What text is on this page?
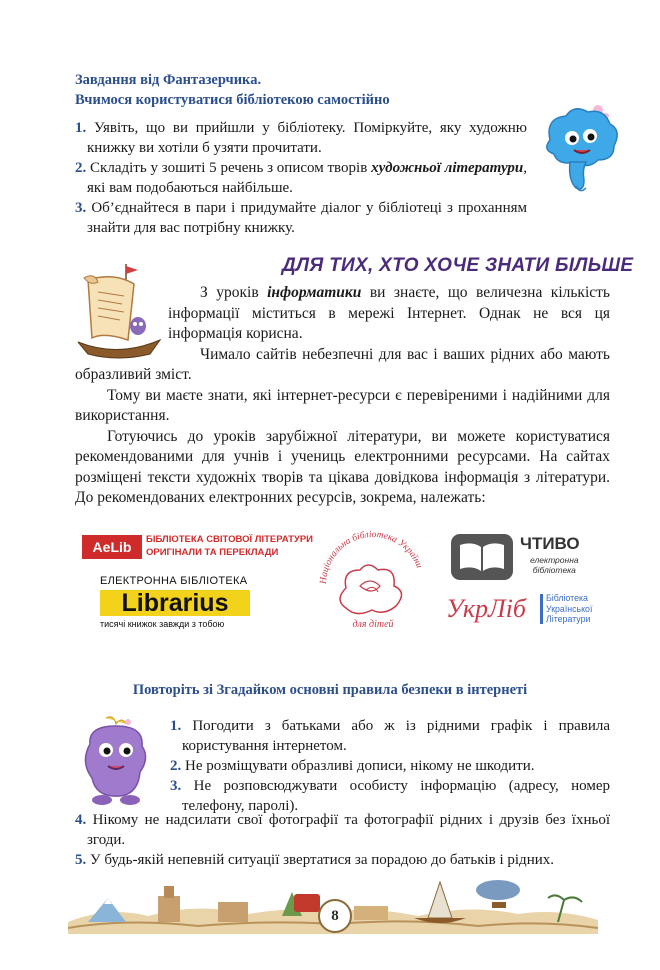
Завдання від Фантазерчика.
Вчимося користуватися бібліотекою самостійно

1. Уявіть, що ви прийшли у бібліотеку. Поміркуйте, яку художню книжку ви хотіли б узяти прочитати.

2. Складіть у зошиті 5 речень з описом творів художньої літератури, які вам подобаються найбільше.

3. Об’єднайтеся в пари і придумайте діалог у бібліотеці з проханням знайти для вас потрібну книжку.

ДЛЯ ТИХ, ХТО ХОЧЕ ЗНАТИ БІЛЬШЕ
З уроків інформатики ви знаєте, що величезна кількість інформації міститься в мережі Інтернет. Однак не вся ця інформація корисна.
Чимало сайтів небезпечні для вас і ваших рідних або мають образливий зміст.
Тому ви маєте знати, які інтернет-ресурси є перевіреними і надійними для використання.
Готуючись до уроків зарубіжної літератури, ви можете користуватися рекомендованими для учнів і учениць електронними ресурсами. На сайтах розміщені тексти художніх творів та цікава довідкова інформація з літератури. До рекомендованих електронних ресурсів, зокрема, належать:
AeLib	БІБЛІОТЕКА СВІТОВОЇ ЛІТЕРАТУРИ
ОРИГІНАЛИ ТА ПЕРЕКЛАДИ
ЕЛЕКТРОННА БІБЛІОТЕКА
Librarius
тисячі книжок завжди з тобою
Національна бібліотека України
для дітей
ЧТИВО
електронна
бібліотека
УкрЛіб Бібліотека
Української
Літератури
Повторіть зі Згадайком основні правила безпеки в інтернеті

1. Погодити з батьками або ж із рідними графік і правила користування інтернетом.

2. Не розміщувати образливі дописи, нікому не шкодити.

3. Не розповсюджувати особисту інформацію (адресу, номер телефону, паролі).

4. Нікому не надсилати свої фотографії та фотографії рідних і друзів без їхньої згоди.

5. У будь-якій непевній ситуації звертатися за порадою до батьків і рідних.

8
